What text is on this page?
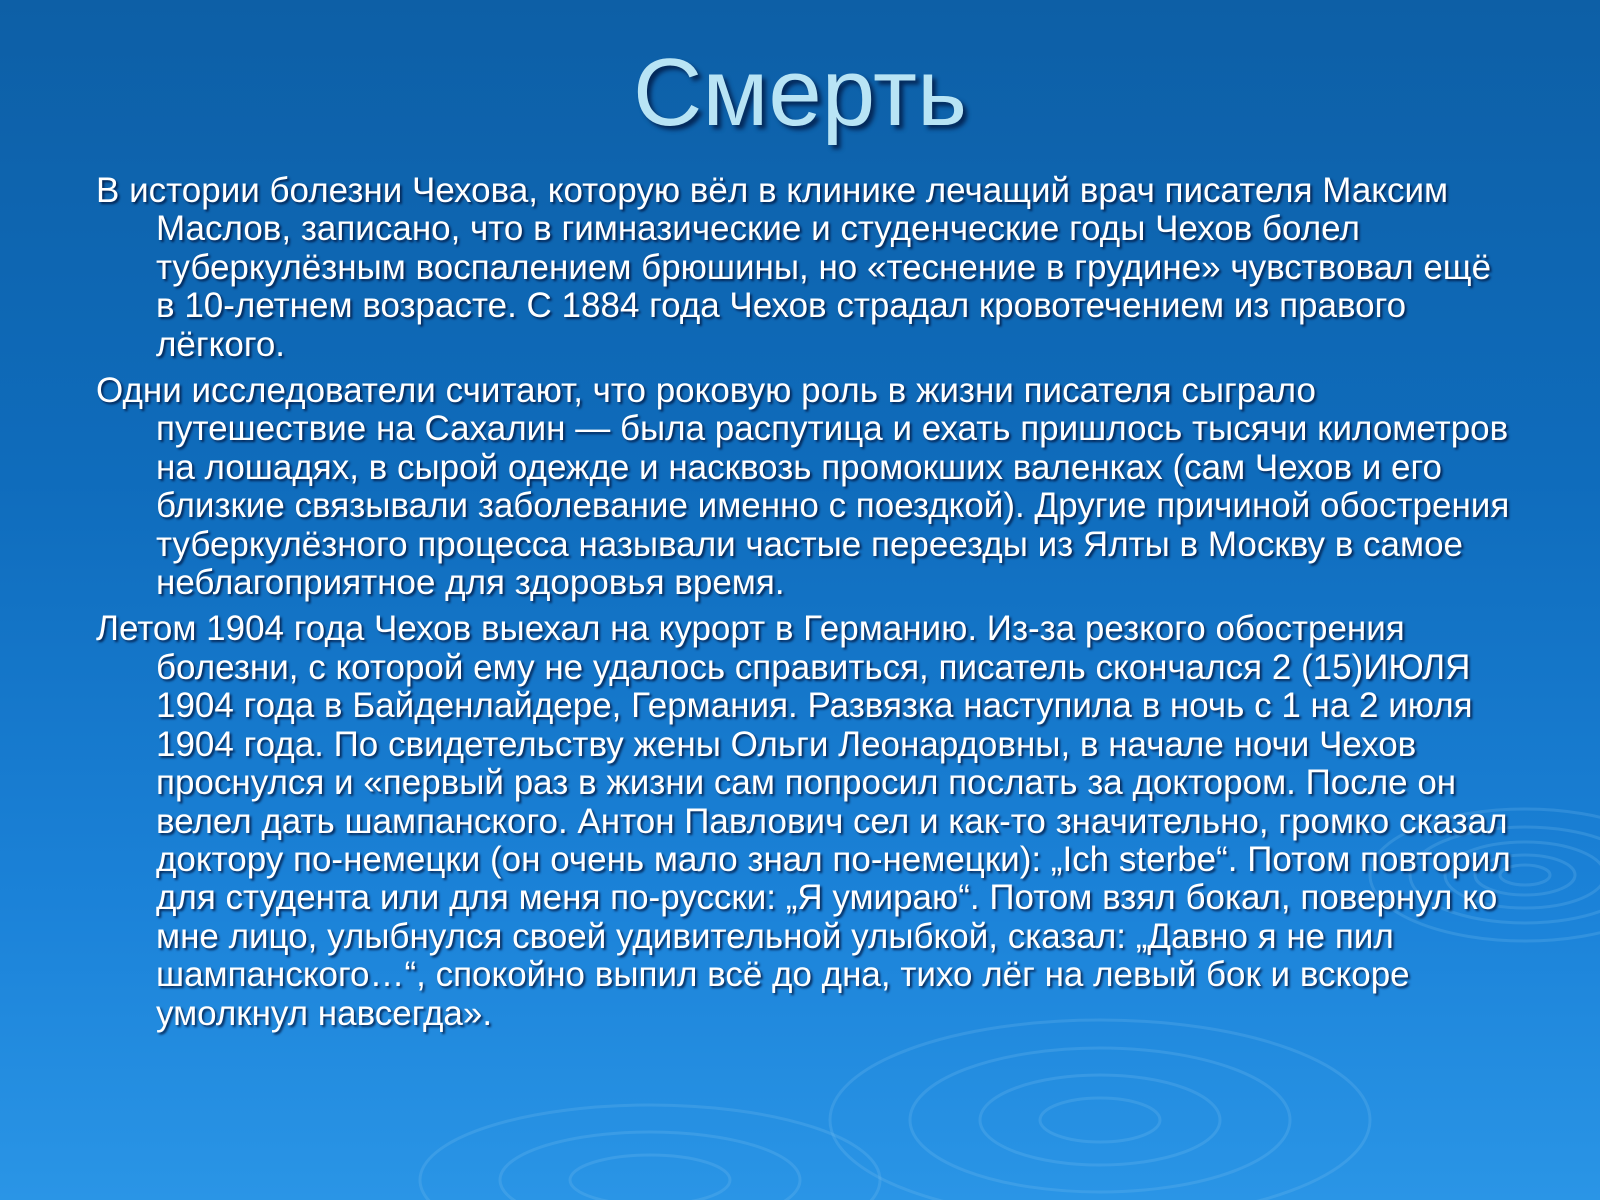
Смерть

В истории болезни Чехова, которую вёл в клинике лечащий врач писателя Максим Маслов, записано, что в гимназические и студенческие годы Чехов болел туберкулёзным воспалением брюшины, но «теснение в грудине» чувствовал ещё в 10-летнем возрасте. С 1884 года Чехов страдал кровотечением из правого лёгкого.

Одни исследователи считают, что роковую роль в жизни писателя сыграло путешествие на Сахалин — была распутица и ехать пришлось тысячи километров на лошадях, в сырой одежде и насквозь промокших валенках (сам Чехов и его близкие связывали заболевание именно с поездкой). Другие причиной обострения туберкулёзного процесса называли частые переезды из Ялты в Москву в самое неблагоприятное для здоровья время.

Летом 1904 года Чехов выехал на курорт в Германию. Из-за резкого обострения болезни, с которой ему не удалось справиться, писатель скончался 2 (15)ИЮЛЯ 1904 года в Байденлайдере, Германия. Развязка наступила в ночь с 1 на 2 июля 1904 года. По свидетельству жены Ольги Леонардовны, в начале ночи Чехов проснулся и «первый раз в жизни сам попросил послать за доктором. После он велел дать шампанского. Антон Павлович сел и как-то значительно, громко сказал доктору по-немецки (он очень мало знал по-немецки): „Ich sterbe“. Потом повторил для студента или для меня по-русски: „Я умираю“. Потом взял бокал, повернул ко мне лицо, улыбнулся своей удивительной улыбкой, сказал: „Давно я не пил шампанского…“, спокойно выпил всё до дна, тихо лёг на левый бок и вскоре умолкнул навсегда».
